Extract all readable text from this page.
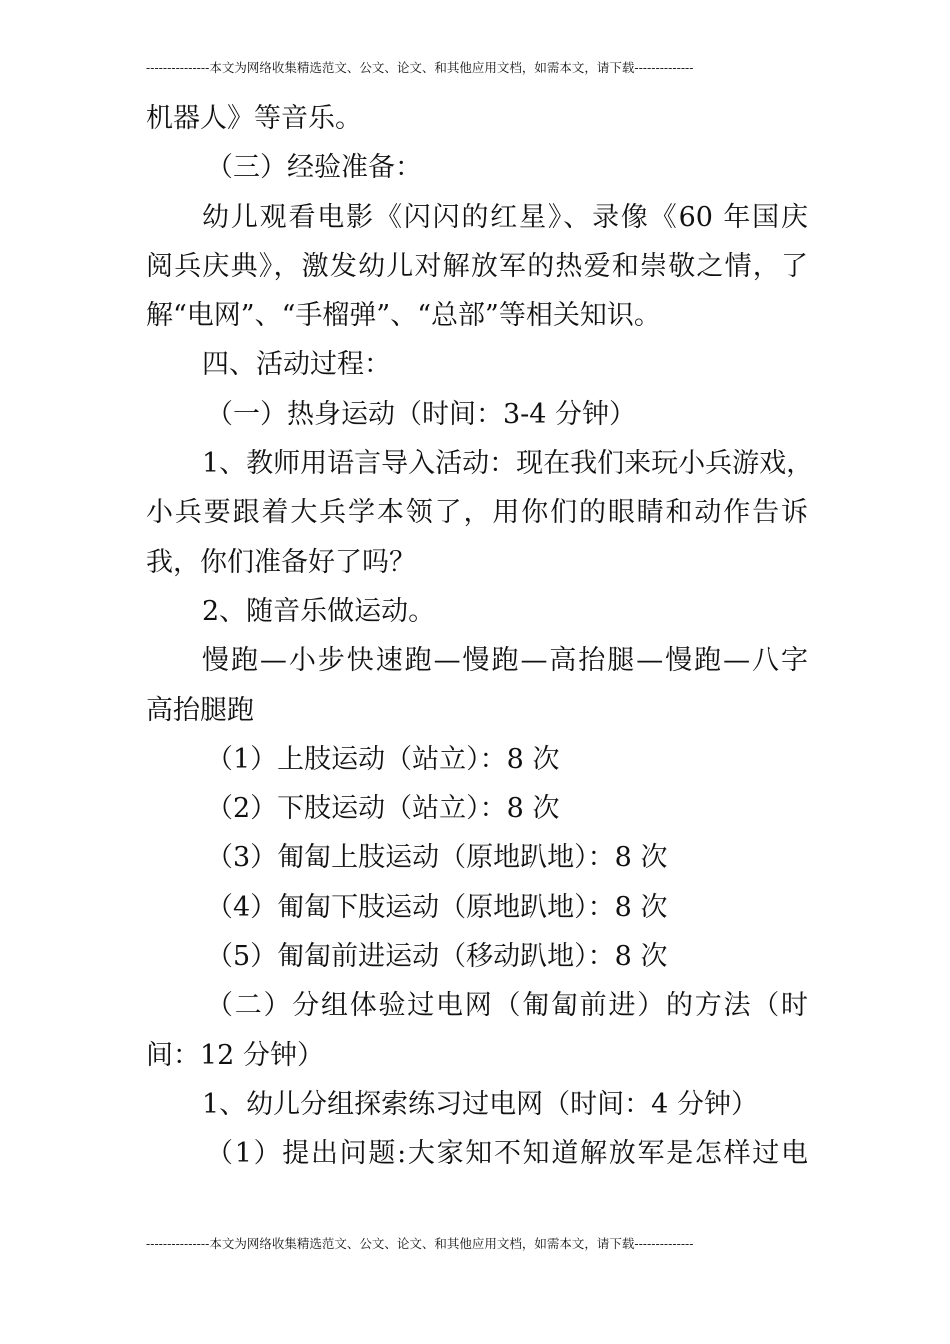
---------------本文为网络收集精选范文、公文、论文、和其他应用文档，如需本文，请下载--------------
机器人》等音乐。
（三）经验准备：
幼儿观看电影《闪闪的红星》、录像《60 年国庆
阅兵庆典》，激发幼儿对解放军的热爱和崇敬之情，了
解“电网”、“手榴弹”、“总部”等相关知识。
四、活动过程：
（一）热身运动（时间：3-4 分钟）
1、教师用语言导入活动：现在我们来玩小兵游戏，
小兵要跟着大兵学本领了，用你们的眼睛和动作告诉
我，你们准备好了吗？
2、随音乐做运动。
慢跑—小步快速跑—慢跑—高抬腿—慢跑—八字
高抬腿跑
（1）上肢运动（站立）：8 次
（2）下肢运动（站立）：8 次
（3）匍匐上肢运动（原地趴地）：8 次
（4）匍匐下肢运动（原地趴地）：8 次
（5）匍匐前进运动（移动趴地）：8 次
（二）分组体验过电网（匍匐前进）的方法（时
间：12 分钟）
1、幼儿分组探索练习过电网（时间：4 分钟）
（1）提出问题:大家知不知道解放军是怎样过电
---------------本文为网络收集精选范文、公文、论文、和其他应用文档，如需本文，请下载--------------
